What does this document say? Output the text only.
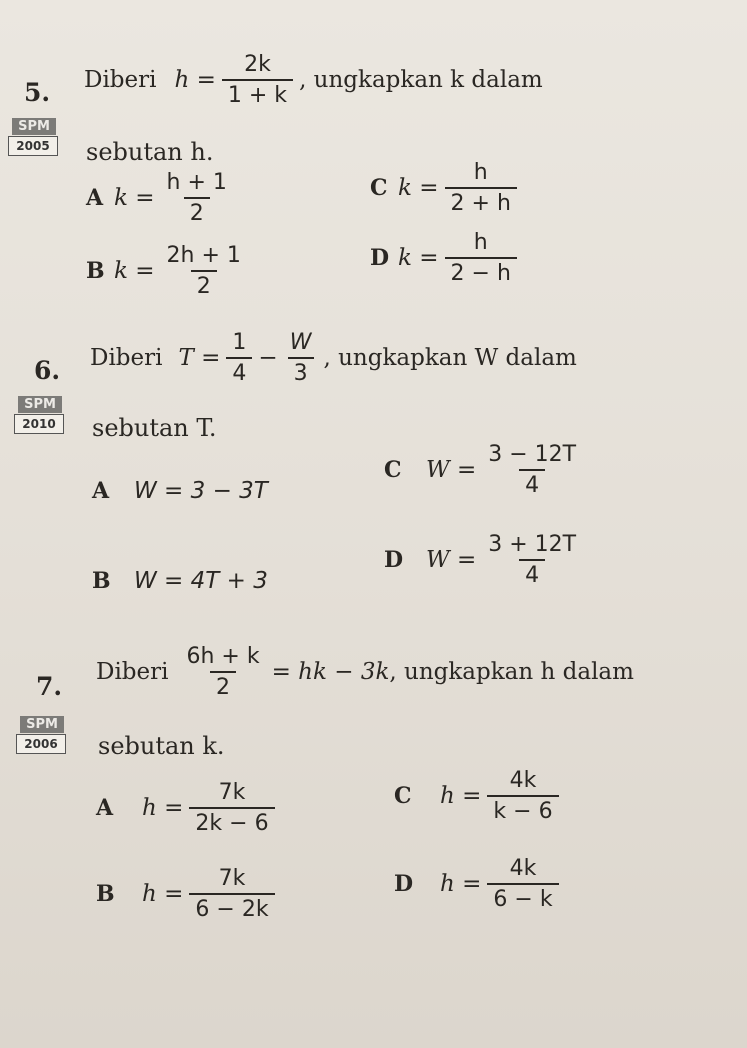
5. Diberi $h = \frac{2k}{1 + k}$ , ungkapkan k dalam
SPM
2005	sebutan h.
A $k = \frac{h + 1}{2}$
B $k = \frac{2h + 1}{2}$
C $k = \frac{h}{2 + h}$
D $k = \frac{h}{2 - h}$
6. Diberi $T = \frac{1}{4} - \frac{W}{3}$ , ungkapkan W dalam
SPM
2010	sebutan T.
A	W = 3 − 3T
B	W = 4T + 3
C	$W = \frac{3 - 12T}{4}$
D $W = \frac{3 + 12T}{4}$
7. Diberi $\frac{6h + k}{2}$ = hk − 3k , ungkapkan h dalam
SPM
2006	sebutan k.
A	$h = \frac{7k}{2k - 6}$
B	$h = \frac{7k}{6 - 2k}$
C	$h = \frac{4k}{k - 6}$
D	$h = \frac{4k}{6 - k}$
